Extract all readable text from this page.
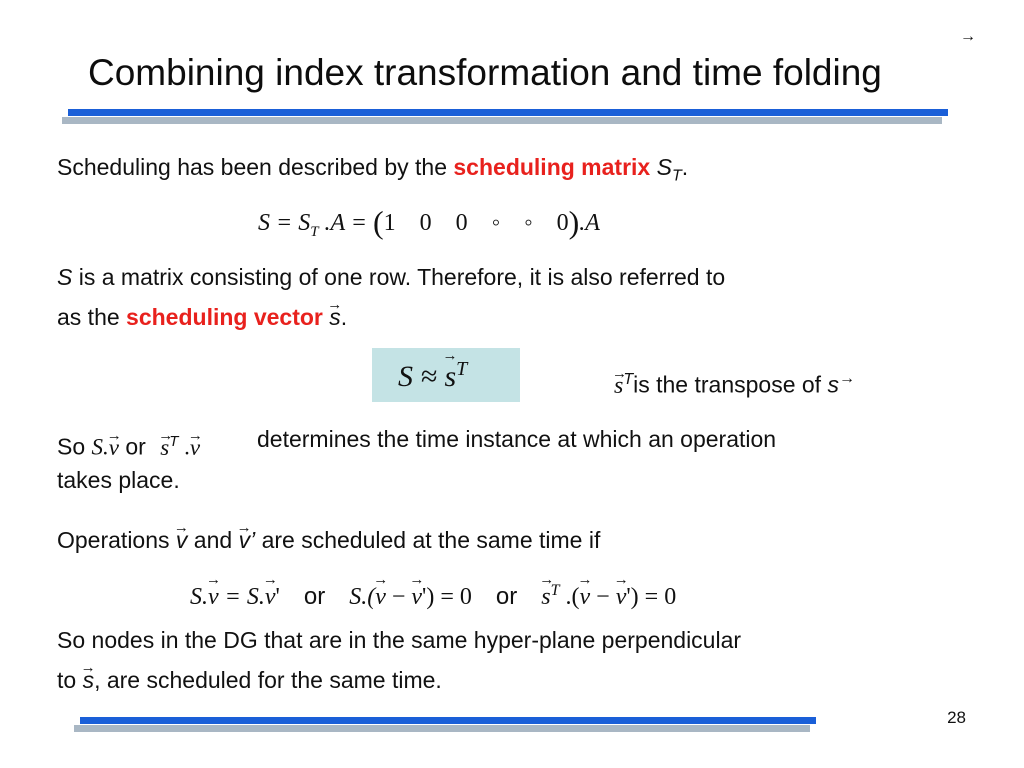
→
Combining index transformation and time folding
Scheduling has been described by the scheduling matrix $S_T$.
$S = S_T$ .A = (1    0    0    ◦    ◦    0).A
S is a matrix consisting of one row. Therefore, it is also referred to
as the scheduling vector → s.
S ≈ → $s^T$
→ $s^Tis$ the transpose of s→
So S.→ v or → $s^T$ .→ v determines the time instance at which an operation
takes place.
Operations → v and → v’ are scheduled at the same time if
S.→ v = S.→ v' or S.(→ v − → v') = 0 or → $s^T$ .(→ v − → v') = 0
So nodes in the DG that are in the same hyper-plane perpendicular
to → s, are scheduled for the same time.
28
